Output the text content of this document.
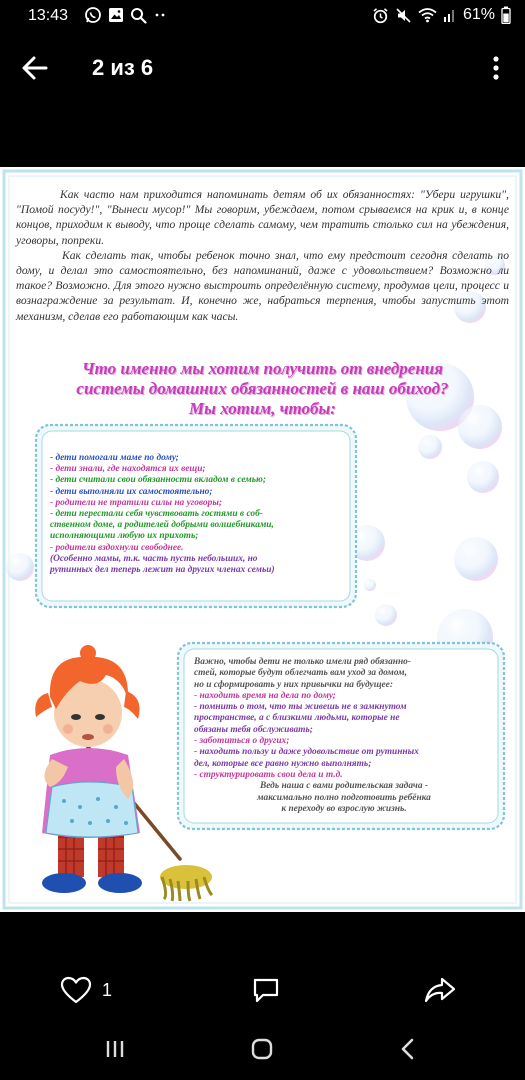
13:43	61%
2 из 6

Как часто нам приходится напоминать детям об их обязанностях: "Убери игрушки", "Помой посуду!", "Вынеси мусор!" Мы говорим, убеждаем, потом срываемся на крик и, в конце концов, приходим к выводу, что проще сделать самому, чем тратить столько сил на убеждения, уговоры, попреки.

Как сделать так, чтобы ребенок точно знал, что ему предстоит сегодня сделать по дому, и делал это самостоятельно, без напоминаний, даже с удовольствием? Возможно ли такое? Возможно. Для этого нужно выстроить определённую систему, продумав цели, процесс и вознаграждение за результат. И, конечно же, набраться терпения, чтобы запустить этот механизм, сделав его работающим как часы.

Что именно мы хотим получить от внедрения
системы домашних обязанностей в наш обиход?
Мы хотим, чтобы:
- дети помогали маме по дому;
- дети знали, где находятся их вещи;
- дети считали свои обязанности вкладом в семью;
- дети выполняли их самостоятельно;
- родители не тратили силы на уговоры;
- дети перестали себя чувствовать гостями в соб-
ственном доме, а родителей добрыми волшебниками,
исполняющими любую их прихоть;
- родители вздохнули свободнее.
(Особенно мамы, т.к. часть пусть небольших, но
рутинных дел теперь лежит на других членах семьи)
Важно, чтобы дети не только имели ряд обязанно-
стей, которые будут облегчать вам уход за домом,
но и сформировать у них привычки на будущее:
- находить время на дела по дому;
- помнить о том, что ты живешь не в замкнутом
пространстве, а с близкими людьми, которые не
обязаны тебя обслуживать;
- заботиться о других;
- находить пользу и даже удовольствие от рутинных
дел, которые все равно нужно выполнять;
- структурировать свои дела и т.д.
Ведь наша с вами родительская задача -
максимально полно подготовить ребёнка
к переходу во взрослую жизнь.
1
